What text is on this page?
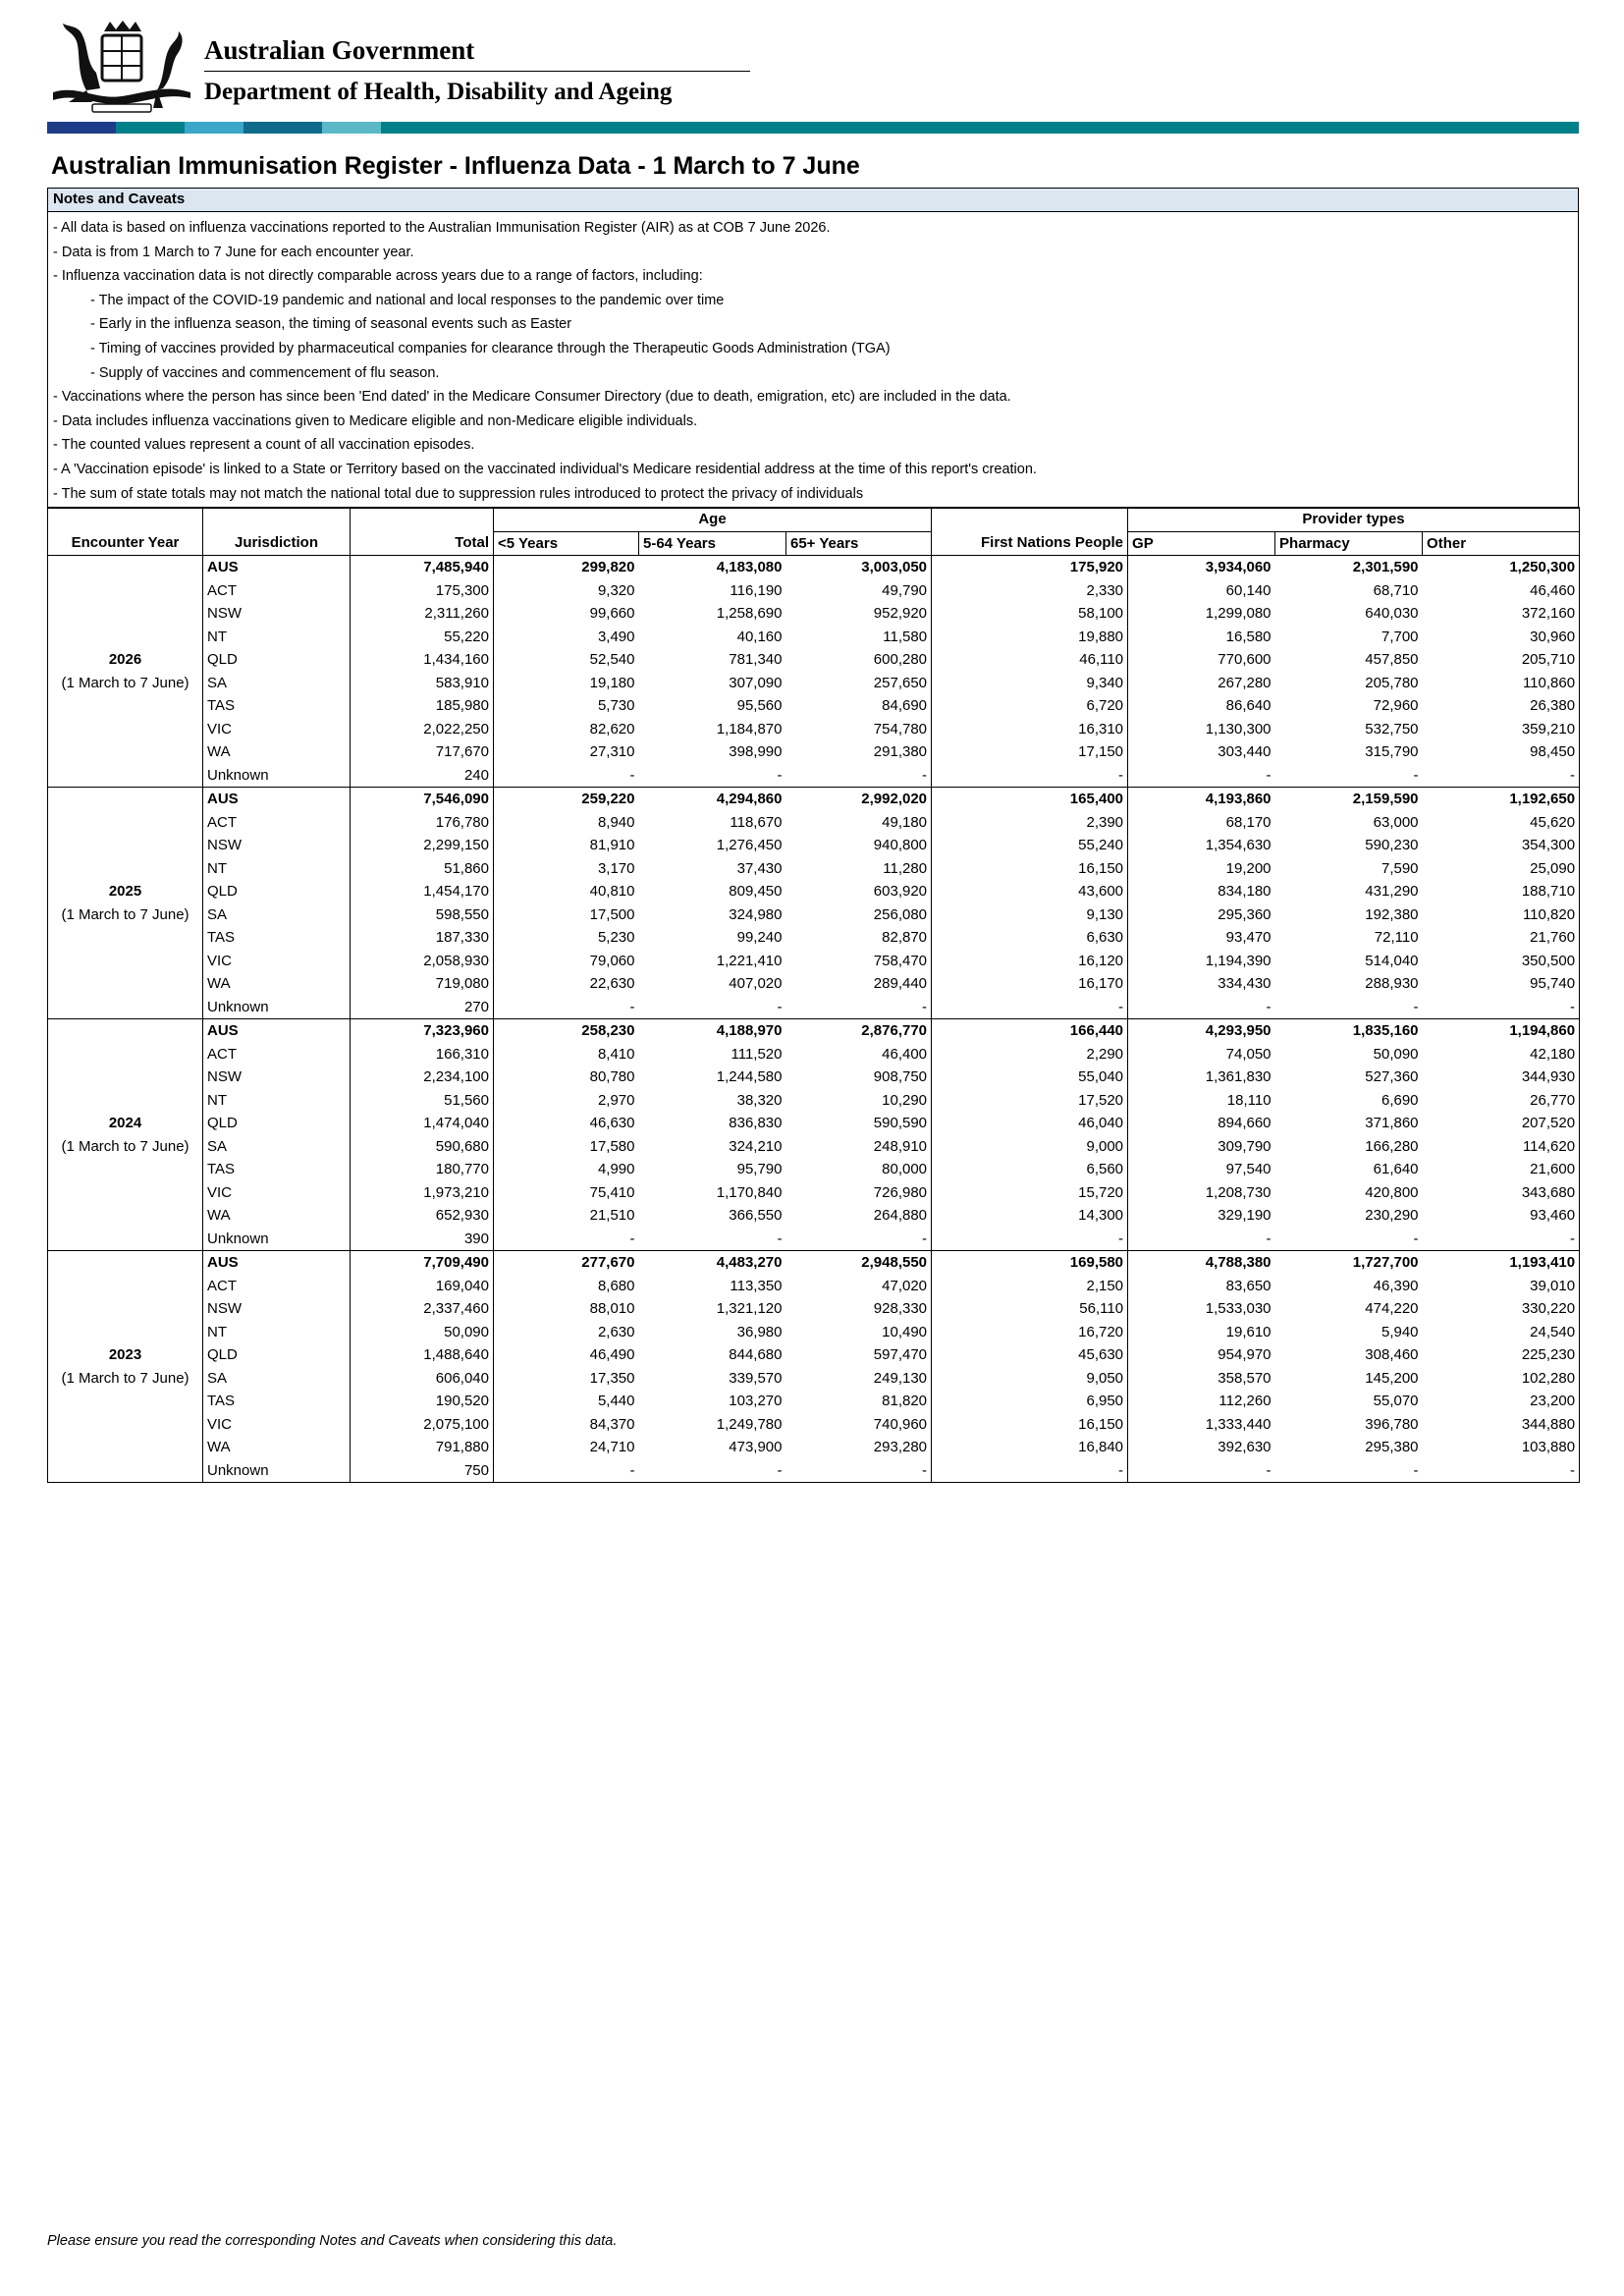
Australian Government
Department of Health, Disability and Ageing
Australian Immunisation Register - Influenza Data - 1 March to 7 June
Notes and Caveats
- All data is based on influenza vaccinations reported to the Australian Immunisation Register (AIR) as at COB 7 June 2026.
- Data is from 1 March to 7 June for each encounter year.
- Influenza vaccination data is not directly comparable across years due to a range of factors, including:
- The impact of the COVID-19 pandemic and national and local responses to the pandemic over time
- Early in the influenza season, the timing of seasonal events such as Easter
- Timing of vaccines provided by pharmaceutical companies for clearance through the Therapeutic Goods Administration (TGA)
- Supply of vaccines and commencement of flu season.
- Vaccinations where the person has since been 'End dated' in the Medicare Consumer Directory (due to death, emigration, etc) are included in the data.
- Data includes influenza vaccinations given to Medicare eligible and non-Medicare eligible individuals.
- The counted values represent a count of all vaccination episodes.
- A 'Vaccination episode' is linked to a State or Territory based on the vaccinated individual's Medicare residential address at the time of this report's creation.
- The sum of state totals may not match the national total due to suppression rules introduced to protect the privacy of individuals
			Age				Provider types		
Encounter Year	Jurisdiction	Total	<5 Years	5-64 Years	65+ Years	First Nations People	GP	Pharmacy	Other

2026
(1 March to 7 June)	AUS	7,485,940	299,820	4,183,080	3,003,050	175,920	3,934,060	2,301,590	1,250,300
	ACT	175,300	9,320	116,190	49,790	2,330	60,140	68,710	46,460
	NSW	2,311,260	99,660	1,258,690	952,920	58,100	1,299,080	640,030	372,160
	NT	55,220	3,490	40,160	11,580	19,880	16,580	7,700	30,960
	QLD	1,434,160	52,540	781,340	600,280	46,110	770,600	457,850	205,710
	SA	583,910	19,180	307,090	257,650	9,340	267,280	205,780	110,860
	TAS	185,980	5,730	95,560	84,690	6,720	86,640	72,960	26,380
	VIC	2,022,250	82,620	1,184,870	754,780	16,310	1,130,300	532,750	359,210
	WA	717,670	27,310	398,990	291,380	17,150	303,440	315,790	98,450
	Unknown	240	-	-	-	-	-	-	-

2025
(1 March to 7 June)	AUS	7,546,090	259,220	4,294,860	2,992,020	165,400	4,193,860	2,159,590	1,192,650
	ACT	176,780	8,940	118,670	49,180	2,390	68,170	63,000	45,620
	NSW	2,299,150	81,910	1,276,450	940,800	55,240	1,354,630	590,230	354,300
	NT	51,860	3,170	37,430	11,280	16,150	19,200	7,590	25,090
	QLD	1,454,170	40,810	809,450	603,920	43,600	834,180	431,290	188,710
	SA	598,550	17,500	324,980	256,080	9,130	295,360	192,380	110,820
	TAS	187,330	5,230	99,240	82,870	6,630	93,470	72,110	21,760
	VIC	2,058,930	79,060	1,221,410	758,470	16,120	1,194,390	514,040	350,500
	WA	719,080	22,630	407,020	289,440	16,170	334,430	288,930	95,740
	Unknown	270	-	-	-	-	-	-	-

2024
(1 March to 7 June)	AUS	7,323,960	258,230	4,188,970	2,876,770	166,440	4,293,950	1,835,160	1,194,860
	ACT	166,310	8,410	111,520	46,400	2,290	74,050	50,090	42,180
	NSW	2,234,100	80,780	1,244,580	908,750	55,040	1,361,830	527,360	344,930
	NT	51,560	2,970	38,320	10,290	17,520	18,110	6,690	26,770
	QLD	1,474,040	46,630	836,830	590,590	46,040	894,660	371,860	207,520
	SA	590,680	17,580	324,210	248,910	9,000	309,790	166,280	114,620
	TAS	180,770	4,990	95,790	80,000	6,560	97,540	61,640	21,600
	VIC	1,973,210	75,410	1,170,840	726,980	15,720	1,208,730	420,800	343,680
	WA	652,930	21,510	366,550	264,880	14,300	329,190	230,290	93,460
	Unknown	390	-	-	-	-	-	-	-

2023
(1 March to 7 June)	AUS	7,709,490	277,670	4,483,270	2,948,550	169,580	4,788,380	1,727,700	1,193,410
	ACT	169,040	8,680	113,350	47,020	2,150	83,650	46,390	39,010
	NSW	2,337,460	88,010	1,321,120	928,330	56,110	1,533,030	474,220	330,220
	NT	50,090	2,630	36,980	10,490	16,720	19,610	5,940	24,540
	QLD	1,488,640	46,490	844,680	597,470	45,630	954,970	308,460	225,230
	SA	606,040	17,350	339,570	249,130	9,050	358,570	145,200	102,280
	TAS	190,520	5,440	103,270	81,820	6,950	112,260	55,070	23,200
	VIC	2,075,100	84,370	1,249,780	740,960	16,150	1,333,440	396,780	344,880
	WA	791,880	24,710	473,900	293,280	16,840	392,630	295,380	103,880
	Unknown	750	-	-	-	-	-	-	-
Please ensure you read the corresponding Notes and Caveats when considering this data.
